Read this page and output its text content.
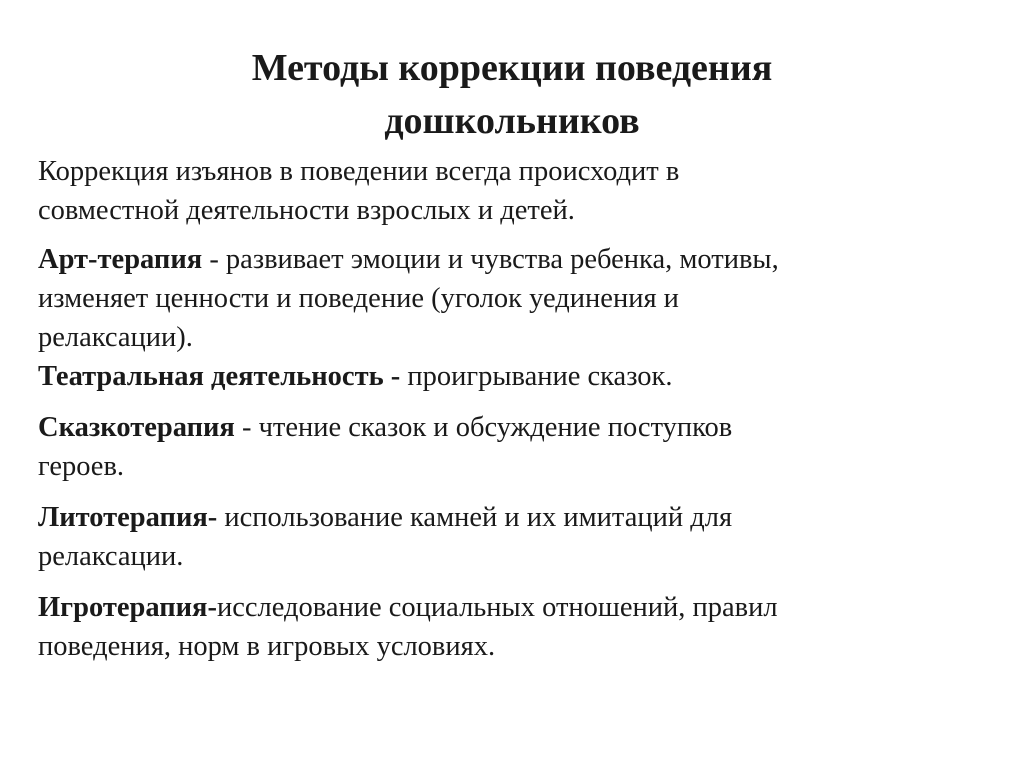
Методы коррекции поведения
дошкольников
Коррекция изъянов в поведении всегда происходит в
совместной деятельности взрослых и детей.
Арт-терапия - развивает эмоции и чувства ребенка, мотивы,
изменяет ценности и поведение (уголок уединения и
релаксации).
Театральная деятельность - проигрывание сказок.
Сказкотерапия - чтение сказок и обсуждение поступков
героев.
Литотерапия- использование камней и их имитаций для
релаксации.
Игротерапия-исследование социальных отношений, правил
поведения, норм в игровых условиях.
